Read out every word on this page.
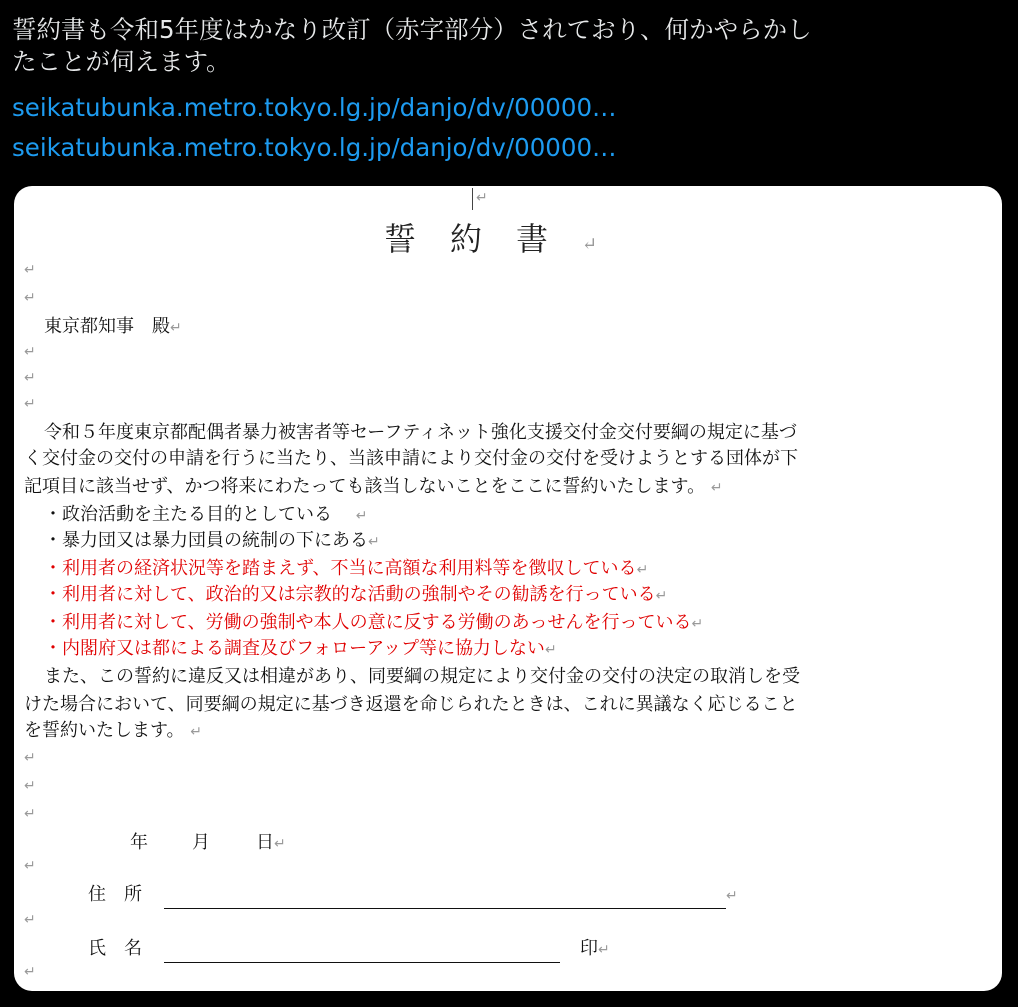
誓約書も令和5年度はかなり改訂（赤字部分）されており、何かやらかし
たことが伺えます。
seikatubunka.metro.tokyo.lg.jp/danjo/dv/00000…
seikatubunka.metro.tokyo.lg.jp/danjo/dv/00000…
↵
誓約書↵
↵
↵
東京都知事　殿↵
↵
↵
↵
令和５年度東京都配偶者暴力被害者等セーフティネット強化支援交付金交付要綱の規定に基づ
く交付金の交付の申請を行うに当たり、当該申請により交付金の交付を受けようとする団体が下
記項目に該当せず、かつ将来にわたっても該当しないことをここに誓約いたします。 ↵
・政治活動を主たる目的としている　 ↵
・暴力団又は暴力団員の統制の下にある↵
・利用者の経済状況等を踏まえず、不当に高額な利用料等を徴収している↵
・利用者に対して、政治的又は宗教的な活動の強制やその勧誘を行っている↵
・利用者に対して、労働の強制や本人の意に反する労働のあっせんを行っている↵
・内閣府又は都による調査及びフォローアップ等に協力しない↵
また、この誓約に違反又は相違があり、同要綱の規定により交付金の交付の決定の取消しを受
けた場合において、同要綱の規定に基づき返還を命じられたときは、これに異議なく応じること
を誓約いたします。 ↵
↵
↵
↵
年 月	日↵
↵
住　所	↵
↵
氏　名	印↵
↵
